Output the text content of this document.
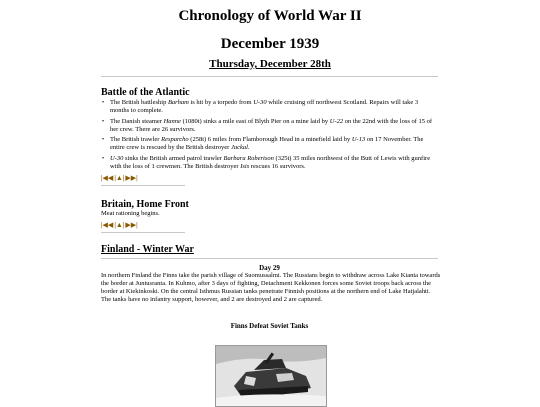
Chronology of World War II
December 1939

Thursday, December 28th

Battle of the Atlantic
• The British battleship Barham is hit by a torpedo from U-30 while cruising off northwest Scotland. Repairs will take 3 months to complete.
• The Danish steamer Hanne (1080t) sinks a mile east of Blyth Pier on a mine laid by U-22 on the 22nd with the loss of 15 of her crew. There are 26 survivors.
• The British trawler Resparcho (258t) 6 miles from Flamborough Head in a minefield laid by U-13 on 17 November. The entire crew is rescued by the British destroyer Jackal.
• U-30 sinks the British armed patrol trawler Barbara Robertson (325t) 35 miles northwest of the Butt of Lewis with gunfire with the loss of 1 crewmen. The British destroyer Isis rescues 16 survivors.
|◀◀|▲|▶▶|
Britain, Home Front
Meat rationing begins.
|◀◀|▲|▶▶|
Finland - Winter War
Day 29
In northern Finland the Finns take the parish village of Suomussalmi. The Russians begin to withdraw across Lake Kianta towards the border at Juntusranta. In Kuhmo, after 3 days of fighting, Detachment Kekkonen forces some Soviet troops back across the border at Kiekinkoski. On the central Isthmus Russian tanks penetrate Finnish positions at the northern end of Lake Hatjalahti. The tanks have no infantry support, however, and 2 are destroyed and 2 are captured.
Finns Defeat Soviet Tanks
